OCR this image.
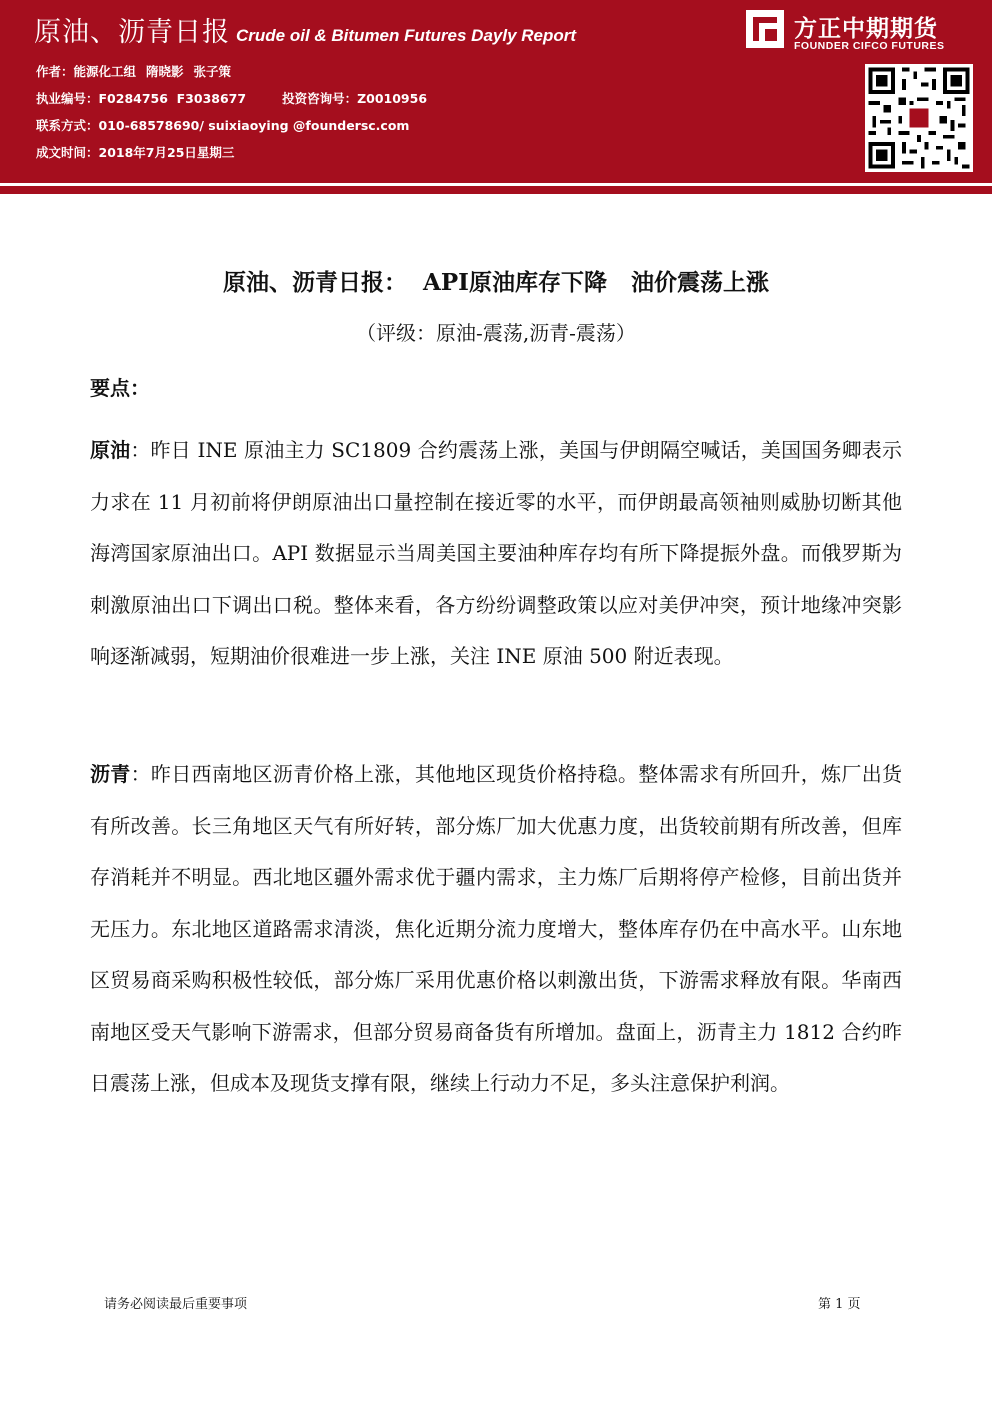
原油、沥青日报 Crude oil & Bitumen Futures Dayly Report
作者：能源化工组 隋晓影 张子策
执业编号：F0284756  F3038677	投资咨询号：Z0010956
联系方式：010-68578690/ suixiaoying @foundersc.com
成文时间：2018年7月25日星期三
方正中期期货
FOUNDER CIFCO FUTURES
原油、沥青日报：  API原油库存下降   油价震荡上涨
（评级：原油-震荡,沥青-震荡）
要点：
原油：昨日 INE 原油主力 SC1809 合约震荡上涨，美国与伊朗隔空喊话，美国国务卿表示力求在 11 月初前将伊朗原油出口量控制在接近零的水平，而伊朗最高领袖则威胁切断其他海湾国家原油出口。API 数据显示当周美国主要油种库存均有所下降提振外盘。而俄罗斯为刺激原油出口下调出口税。整体来看，各方纷纷调整政策以应对美伊冲突，预计地缘冲突影响逐渐减弱，短期油价很难进一步上涨，关注 INE 原油 500 附近表现。
沥青：昨日西南地区沥青价格上涨，其他地区现货价格持稳。整体需求有所回升，炼厂出货有所改善。长三角地区天气有所好转，部分炼厂加大优惠力度，出货较前期有所改善，但库存消耗并不明显。西北地区疆外需求优于疆内需求，主力炼厂后期将停产检修，目前出货并无压力。东北地区道路需求清淡，焦化近期分流力度增大，整体库存仍在中高水平。山东地区贸易商采购积极性较低，部分炼厂采用优惠价格以刺激出货，下游需求释放有限。华南西南地区受天气影响下游需求，但部分贸易商备货有所增加。盘面上，沥青主力 1812 合约昨日震荡上涨，但成本及现货支撑有限，继续上行动力不足，多头注意保护利润。
请务必阅读最后重要事项	第 1 页
